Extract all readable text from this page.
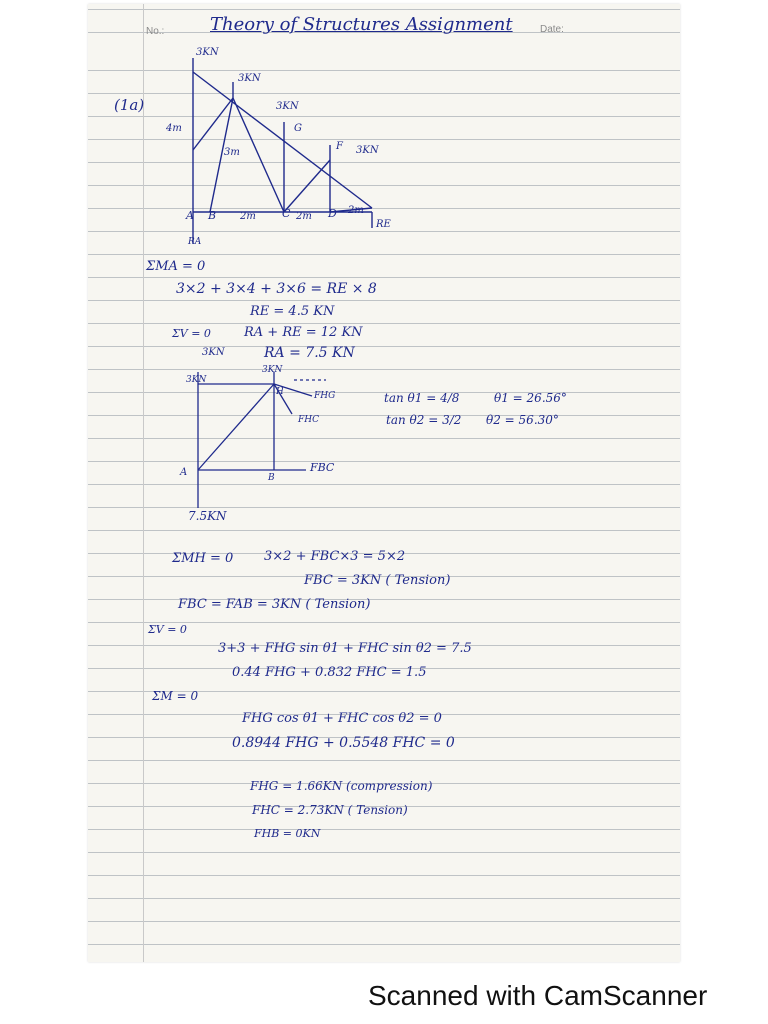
No.:	Date:
Theory of Structures Assignment
(1a)
3KN
3KN
3KN
G
F 3KN
4m
3m
A B	C	D
2m	2m
2m
RA
RE
ΣMA = 0
3×2 + 3×4 + 3×6 = RE × 8
RE = 4.5 KN
ΣV = 0	RA + RE = 12 KN
3KN	RA = 7.5 KN
3KN
3KN
H	FHG
FHC
FBC
A	B
7.5KN
tan θ1 = 4/8	θ1 = 26.56°
tan θ2 = 3/2 θ2 = 56.30°
ΣMH = 0 3×2 + FBC×3 = 5×2
FBC = 3KN ( Tension)
FBC = FAB = 3KN ( Tension)
ΣV = 0
3+3 + FHG sin θ1 + FHC sin θ2 = 7.5
0.44 FHG + 0.832 FHC = 1.5
ΣM = 0
FHG cos θ1 + FHC cos θ2 = 0
0.8944 FHG + 0.5548 FHC = 0
FHG = 1.66KN (compression)
FHC = 2.73KN ( Tension)
FHB = 0KN
Scanned with CamScanner
